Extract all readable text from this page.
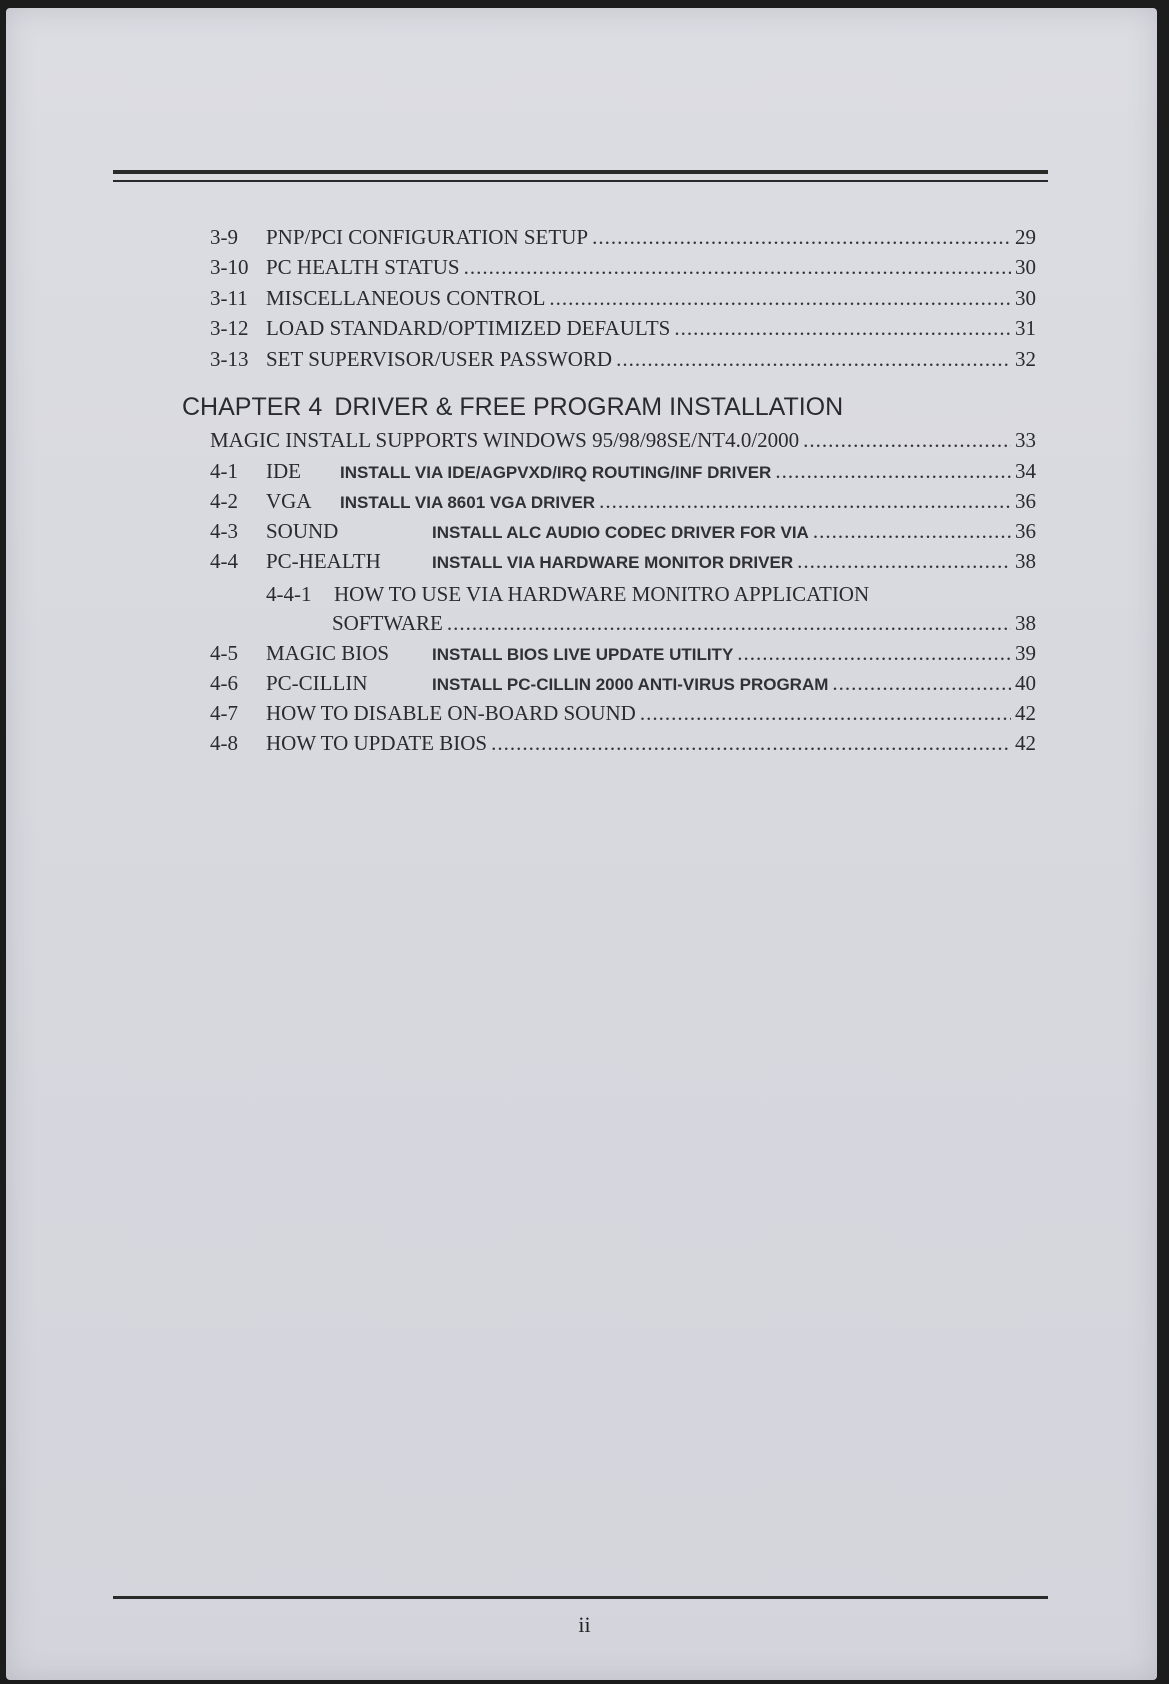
3-9	PNP/PCI CONFIGURATION SETUP .....	29
3-10 PC HEALTH STATUS .....	30
3-11 MISCELLANEOUS CONTROL .....	30
3-12 LOAD STANDARD/OPTIMIZED DEFAULTS .....	31
3-13 SET SUPERVISOR/USER PASSWORD .....	32
CHAPTER 4 DRIVER & FREE PROGRAM INSTALLATION
MAGIC INSTALL SUPPORTS WINDOWS 95/98/98SE/NT4.0/2000 .....	33
4-1	IDE	INSTALL VIA IDE/AGPVXD/IRQ ROUTING/INF DRIVER .....	34
4-2	VGA	INSTALL VIA 8601 VGA DRIVER .....	36
4-3	SOUND	INSTALL ALC AUDIO CODEC DRIVER FOR VIA .....	36
4-4	PC-HEALTH	INSTALL VIA HARDWARE MONITOR DRIVER .....	38
4-4-1 HOW TO USE VIA HARDWARE MONITRO APPLICATION
SOFTWARE .....	38
4-5	MAGIC BIOS	INSTALL BIOS LIVE UPDATE UTILITY .....	39
4-6	PC-CILLIN	INSTALL PC-CILLIN 2000 ANTI-VIRUS PROGRAM .....	40
4-7	HOW TO DISABLE ON-BOARD SOUND .....	42
4-8	HOW TO UPDATE BIOS .....	42
ii
